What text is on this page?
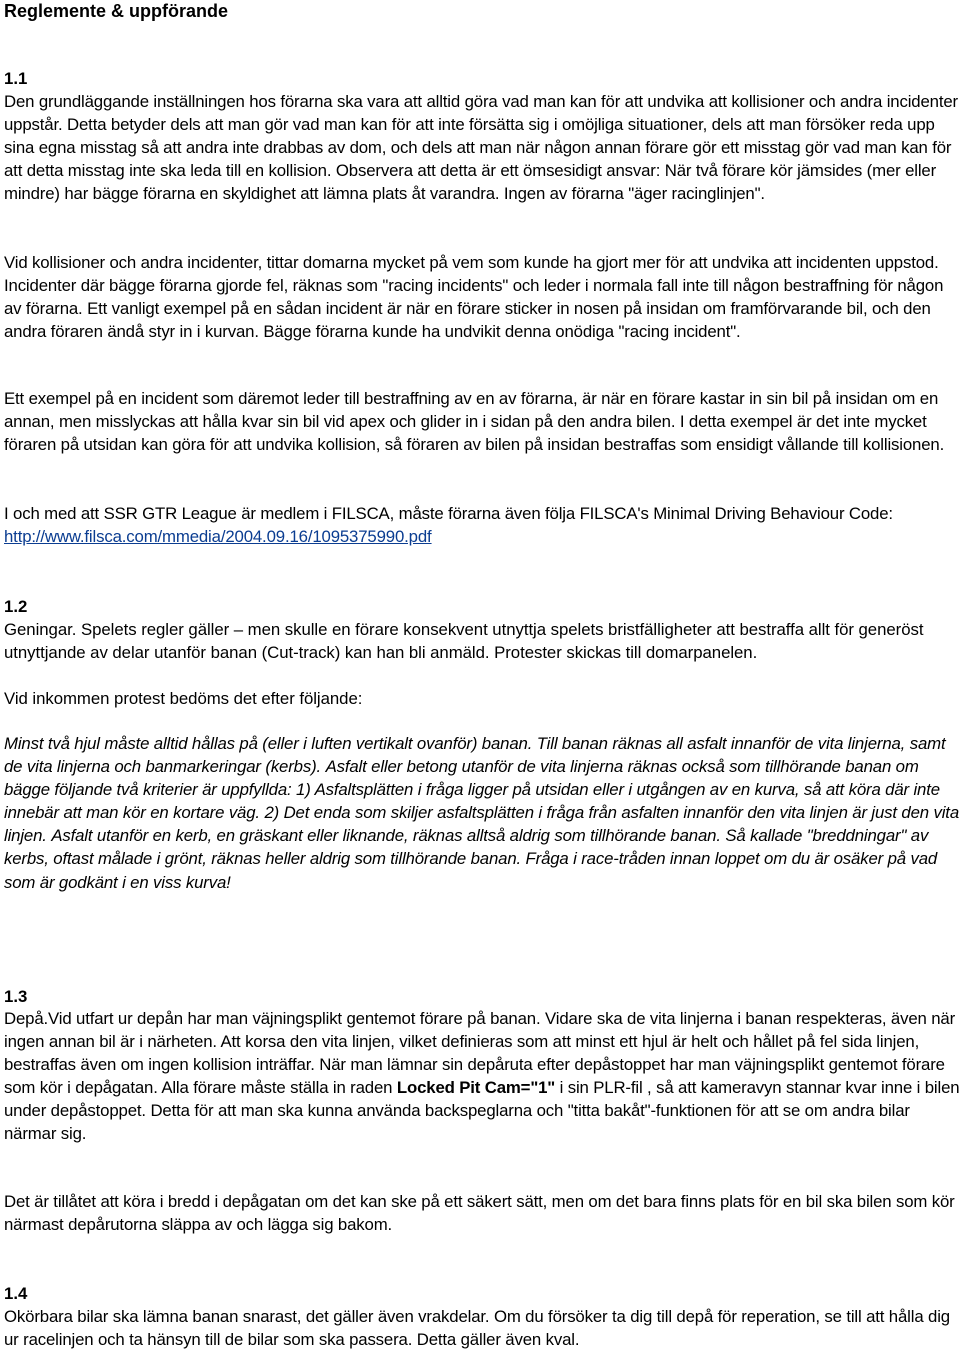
Reglemente & uppförande
1.1

Den grundläggande inställningen hos förarna ska vara att alltid göra vad man kan för att undvika att kollisioner och andra incidenter uppstår. Detta betyder dels att man gör vad man kan för att inte försätta sig i omöjliga situationer, dels att man försöker reda upp sina egna misstag så att andra inte drabbas av dom, och dels att man när någon annan förare gör ett misstag gör vad man kan för att detta misstag inte ska leda till en kollision. Observera att detta är ett ömsesidigt ansvar: När två förare kör jämsides (mer eller mindre) har bägge förarna en skyldighet att lämna plats åt varandra. Ingen av förarna "äger racinglinjen".

Vid kollisioner och andra incidenter, tittar domarna mycket på vem som kunde ha gjort mer för att undvika att incidenten uppstod. Incidenter där bägge förarna gjorde fel, räknas som "racing incidents" och leder i normala fall inte till någon bestraffning för någon av förarna. Ett vanligt exempel på en sådan incident är när en förare sticker in nosen på insidan om framförvarande bil, och den andra föraren ändå styr in i kurvan. Bägge förarna kunde ha undvikit denna onödiga "racing incident".

Ett exempel på en incident som däremot leder till bestraffning av en av förarna, är när en förare kastar in sin bil på insidan om en annan, men misslyckas att hålla kvar sin bil vid apex och glider in i sidan på den andra bilen. I detta exempel är det inte mycket föraren på utsidan kan göra för att undvika kollision, så föraren av bilen på insidan bestraffas som ensidigt vållande till kollisionen.

I och med att SSR GTR League är medlem i FILSCA, måste förarna även följa FILSCA's Minimal Driving Behaviour Code: http://www.filsca.com/mmedia/2004.09.16/1095375990.pdf

1.2

Geningar. Spelets regler gäller – men skulle en förare konsekvent utnyttja spelets bristfälligheter att bestraffa allt för generöst utnyttjande av delar utanför banan (Cut-track) kan han bli anmäld. Protester skickas till domarpanelen.

Vid inkommen protest bedöms det efter följande:

Minst två hjul måste alltid hållas på (eller i luften vertikalt ovanför) banan. Till banan räknas all asfalt innanför de vita linjerna, samt de vita linjerna och banmarkeringar (kerbs). Asfalt eller betong utanför de vita linjerna räknas också som tillhörande banan om bägge följande två kriterier är uppfyllda: 1) Asfaltsplätten i fråga ligger på utsidan eller i utgången av en kurva, så att köra där inte innebär att man kör en kortare väg. 2) Det enda som skiljer asfaltsplätten i fråga från asfalten innanför den vita linjen är just den vita linjen. Asfalt utanför en kerb, en gräskant eller liknande, räknas alltså aldrig som tillhörande banan. Så kallade "breddningar" av kerbs, oftast målade i grönt, räknas heller aldrig som tillhörande banan. Fråga i race-tråden innan loppet om du är osäker på vad som är godkänt i en viss kurva!

1.3

Depå.Vid utfart ur depån har man väjningsplikt gentemot förare på banan. Vidare ska de vita linjerna i banan respekteras, även när ingen annan bil är i närheten. Att korsa den vita linjen, vilket definieras som att minst ett hjul är helt och hållet på fel sida linjen, bestraffas även om ingen kollision inträffar. När man lämnar sin depåruta efter depåstoppet har man väjningsplikt gentemot förare som kör i depågatan. Alla förare måste ställa in raden Locked Pit Cam="1" i sin PLR-fil , så att kameravyn stannar kvar inne i bilen under depåstoppet. Detta för att man ska kunna använda backspeglarna och "titta bakåt"-funktionen för att se om andra bilar närmar sig.

Det är tillåtet att köra i bredd i depågatan om det kan ske på ett säkert sätt, men om det bara finns plats för en bil ska bilen som kör närmast depårutorna släppa av och lägga sig bakom.

1.4

Okörbara bilar ska lämna banan snarast, det gäller även vrakdelar. Om du försöker ta dig till depå för reperation, se till att hålla dig ur racelinjen och ta hänsyn till de bilar som ska passera. Detta gäller även kval.
